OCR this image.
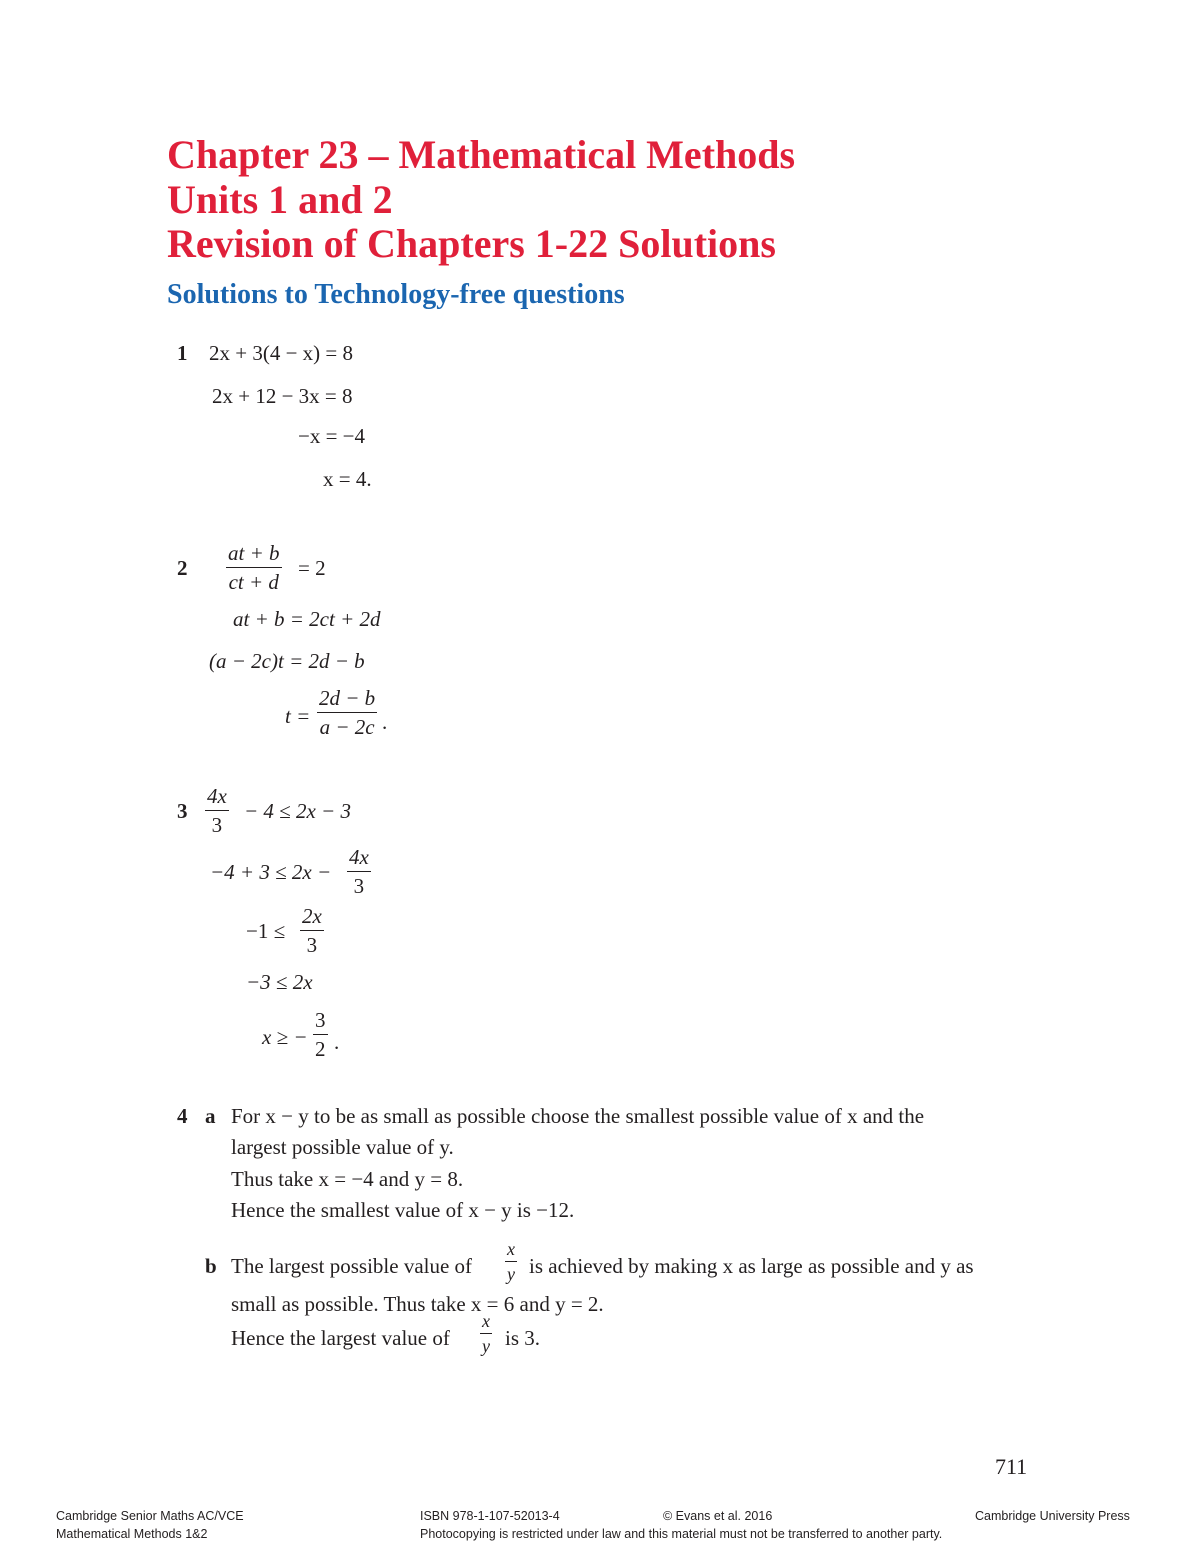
Chapter 23 – Mathematical Methods
Units 1 and 2
Revision of Chapters 1-22 Solutions
Solutions to Technology-free questions
1 2x + 3(4 − x) = 8
2x + 12 − 3x = 8
−x = −4
x = 4.
2
at + b
ct + d
= 2
at + b = 2ct + 2d
(a − 2c)t = 2d − b
t =
2d − b
a − 2c .
3
4x
3
− 4 ≤ 2x − 3
−4 + 3 ≤ 2x −
4x
3
−1 ≤
2x
3
−3 ≤ 2x
x ≥ −
3
2 .
4 a For x − y to be as small as possible choose the smallest possible value of x and the
largest possible value of y.
Thus take x = −4 and y = 8.
Hence the smallest value of x − y is −12.
b The largest possible value of
x
y is achieved by making x as large as possible and y as
small as possible. Thus take x = 6 and y = 2.
Hence the largest value of
x
y is 3.
711
Cambridge Senior Maths AC/VCE
Mathematical Methods 1&2
ISBN 978-1-107-52013-4	© Evans et al. 2016	Cambridge University Press
Photocopying is restricted under law and this material must not be transferred to another party.
